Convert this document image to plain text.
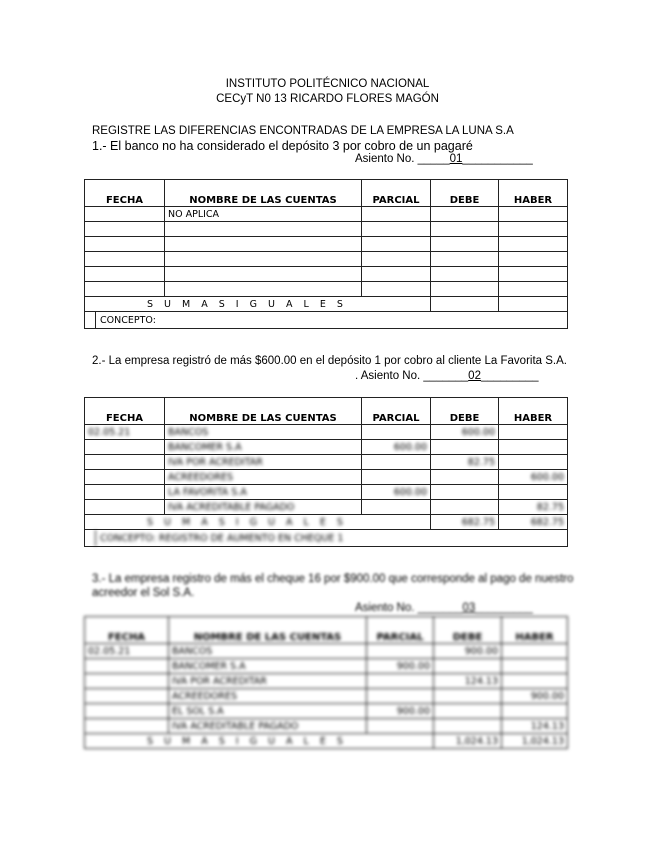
INSTITUTO POLITÉCNICO NACIONAL
CECyT N0 13 RICARDO FLORES MAGÓN
REGISTRE LAS DIFERENCIAS ENCONTRADAS DE LA EMPRESA LA LUNA S.A
1.- El banco no ha considerado el depósito 3 por cobro de un pagaré
Asiento No. _____01___________
FECHA	NOMBRE DE LAS CUENTAS	PARCIAL	DEBE	HABER
	NO APLICA			

S U M A S I G U A L E S				

CONCEPTO:				
2.- La empresa registró de más $600.00 en el depósito 1 por cobro al cliente La Favorita S.A.
. Asiento No. _______02_________
FECHA	NOMBRE DE LAS CUENTAS	PARCIAL	DEBE	HABER
02.05.21	BANCOS		600.00	
	BANCOMER S.A	600.00		
	IVA POR ACREDITAR		82.75	
	ACREEDORES			600.00
	LA FAVORITA S.A	600.00		
	IVA ACREDITABLE PAGADO			82.75
S U M A S I G U A L E S			682.75	682.75

CONCEPTO: REGISTRO DE AUMENTO EN CHEQUE 1				
3.- La empresa registro de más el cheque 16 por $900.00 que corresponde al pago de nuestro
acreedor el Sol S.A.
Asiento No. _______03_________
FECHA	NOMBRE DE LAS CUENTAS	PARCIAL	DEBE	HABER
02.05.21	BANCOS		900.00	
	BANCOMER S.A	900.00		
	IVA POR ACREDITAR		124.13	
	ACREEDORES			900.00
	EL SOL S.A	900.00		
	IVA ACREDITABLE PAGADO			124.13
S U M A S I G U A L E S			1,024.13	1,024.13
